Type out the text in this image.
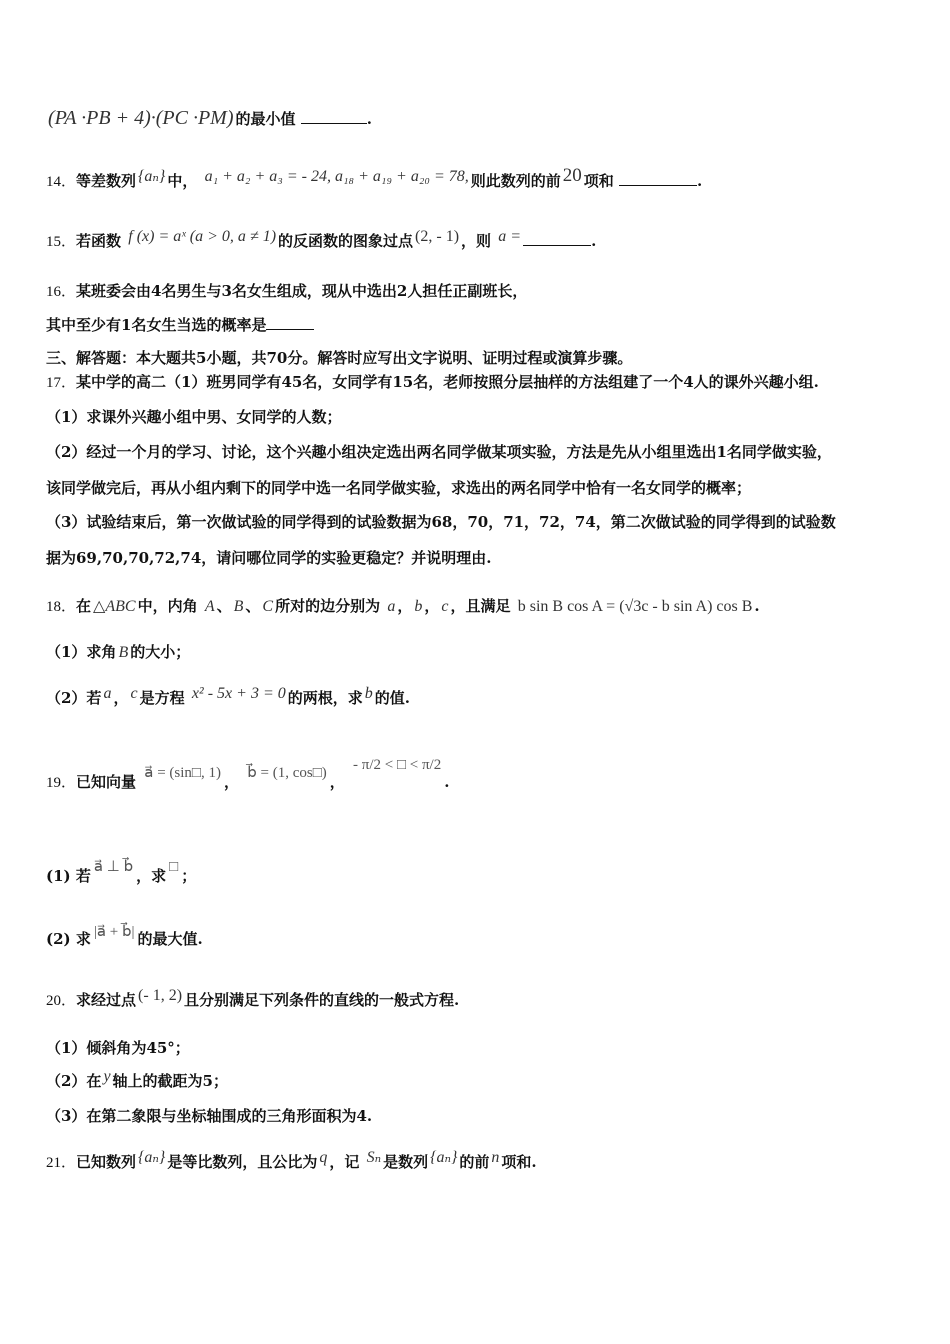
(PA ·PB + 4)·(PC ·PM) 的最小值	.
14．等差数列 {aₙ} 中， a₁ + a₂ + a₃ = - 24, a₁₈ + a₁₉ + a₂₀ = 78, 则此数列的前 20 项和	.
15．若函数 f (x) = aˣ (a > 0, a ≠ 1) 的反函数的图象过点 (2, - 1) ，则 a =	.
16．某班委会由4名男生与3名女生组成，现从中选出2人担任正副班长，
其中至少有1名女生当选的概率是
三、解答题：本大题共5小题，共70分。解答时应写出文字说明、证明过程或演算步骤。
17．某中学的高二（1）班男同学有45名，女同学有15名，老师按照分层抽样的方法组建了一个4人的课外兴趣小组.
（1）求课外兴趣小组中男、女同学的人数；
（2）经过一个月的学习、讨论，这个兴趣小组决定选出两名同学做某项实验，方法是先从小组里选出1名同学做实验，
该同学做完后，再从小组内剩下的同学中选一名同学做实验，求选出的两名同学中恰有一名女同学的概率；
（3）试验结束后，第一次做试验的同学得到的试验数据为68，70，71，72，74，第二次做试验的同学得到的试验数
据为69,70,70,72,74，请问哪位同学的实验更稳定？并说明理由.
18．在 △ABC 中，内角 A 、 B 、 C 所对的边分别为 a ， b ， c ，且满足 b sin B cos A = (√3c - b sin A) cos B .
（1）求角 B 的大小；
（2）若 a ， c 是方程 x² - 5x + 3 = 0 的两根，求 b 的值.
19．已知向量 a⃗ = (sin□, 1) ， b⃗ = (1, cos□) ， - π/2 < □ < π/2.
(1) 若 a⃗ ⊥ b⃗ ，求 □ ；
(2) 求 |a⃗ + b⃗| 的最大值.
20．求经过点 (- 1, 2) 且分别满足下列条件的直线的一般式方程.
（1）倾斜角为45°；
（2）在 y 轴上的截距为5；
（3）在第二象限与坐标轴围成的三角形面积为4.
21．已知数列 {aₙ} 是等比数列，且公比为 q ，记 Sₙ 是数列 {aₙ} 的前 n 项和.
